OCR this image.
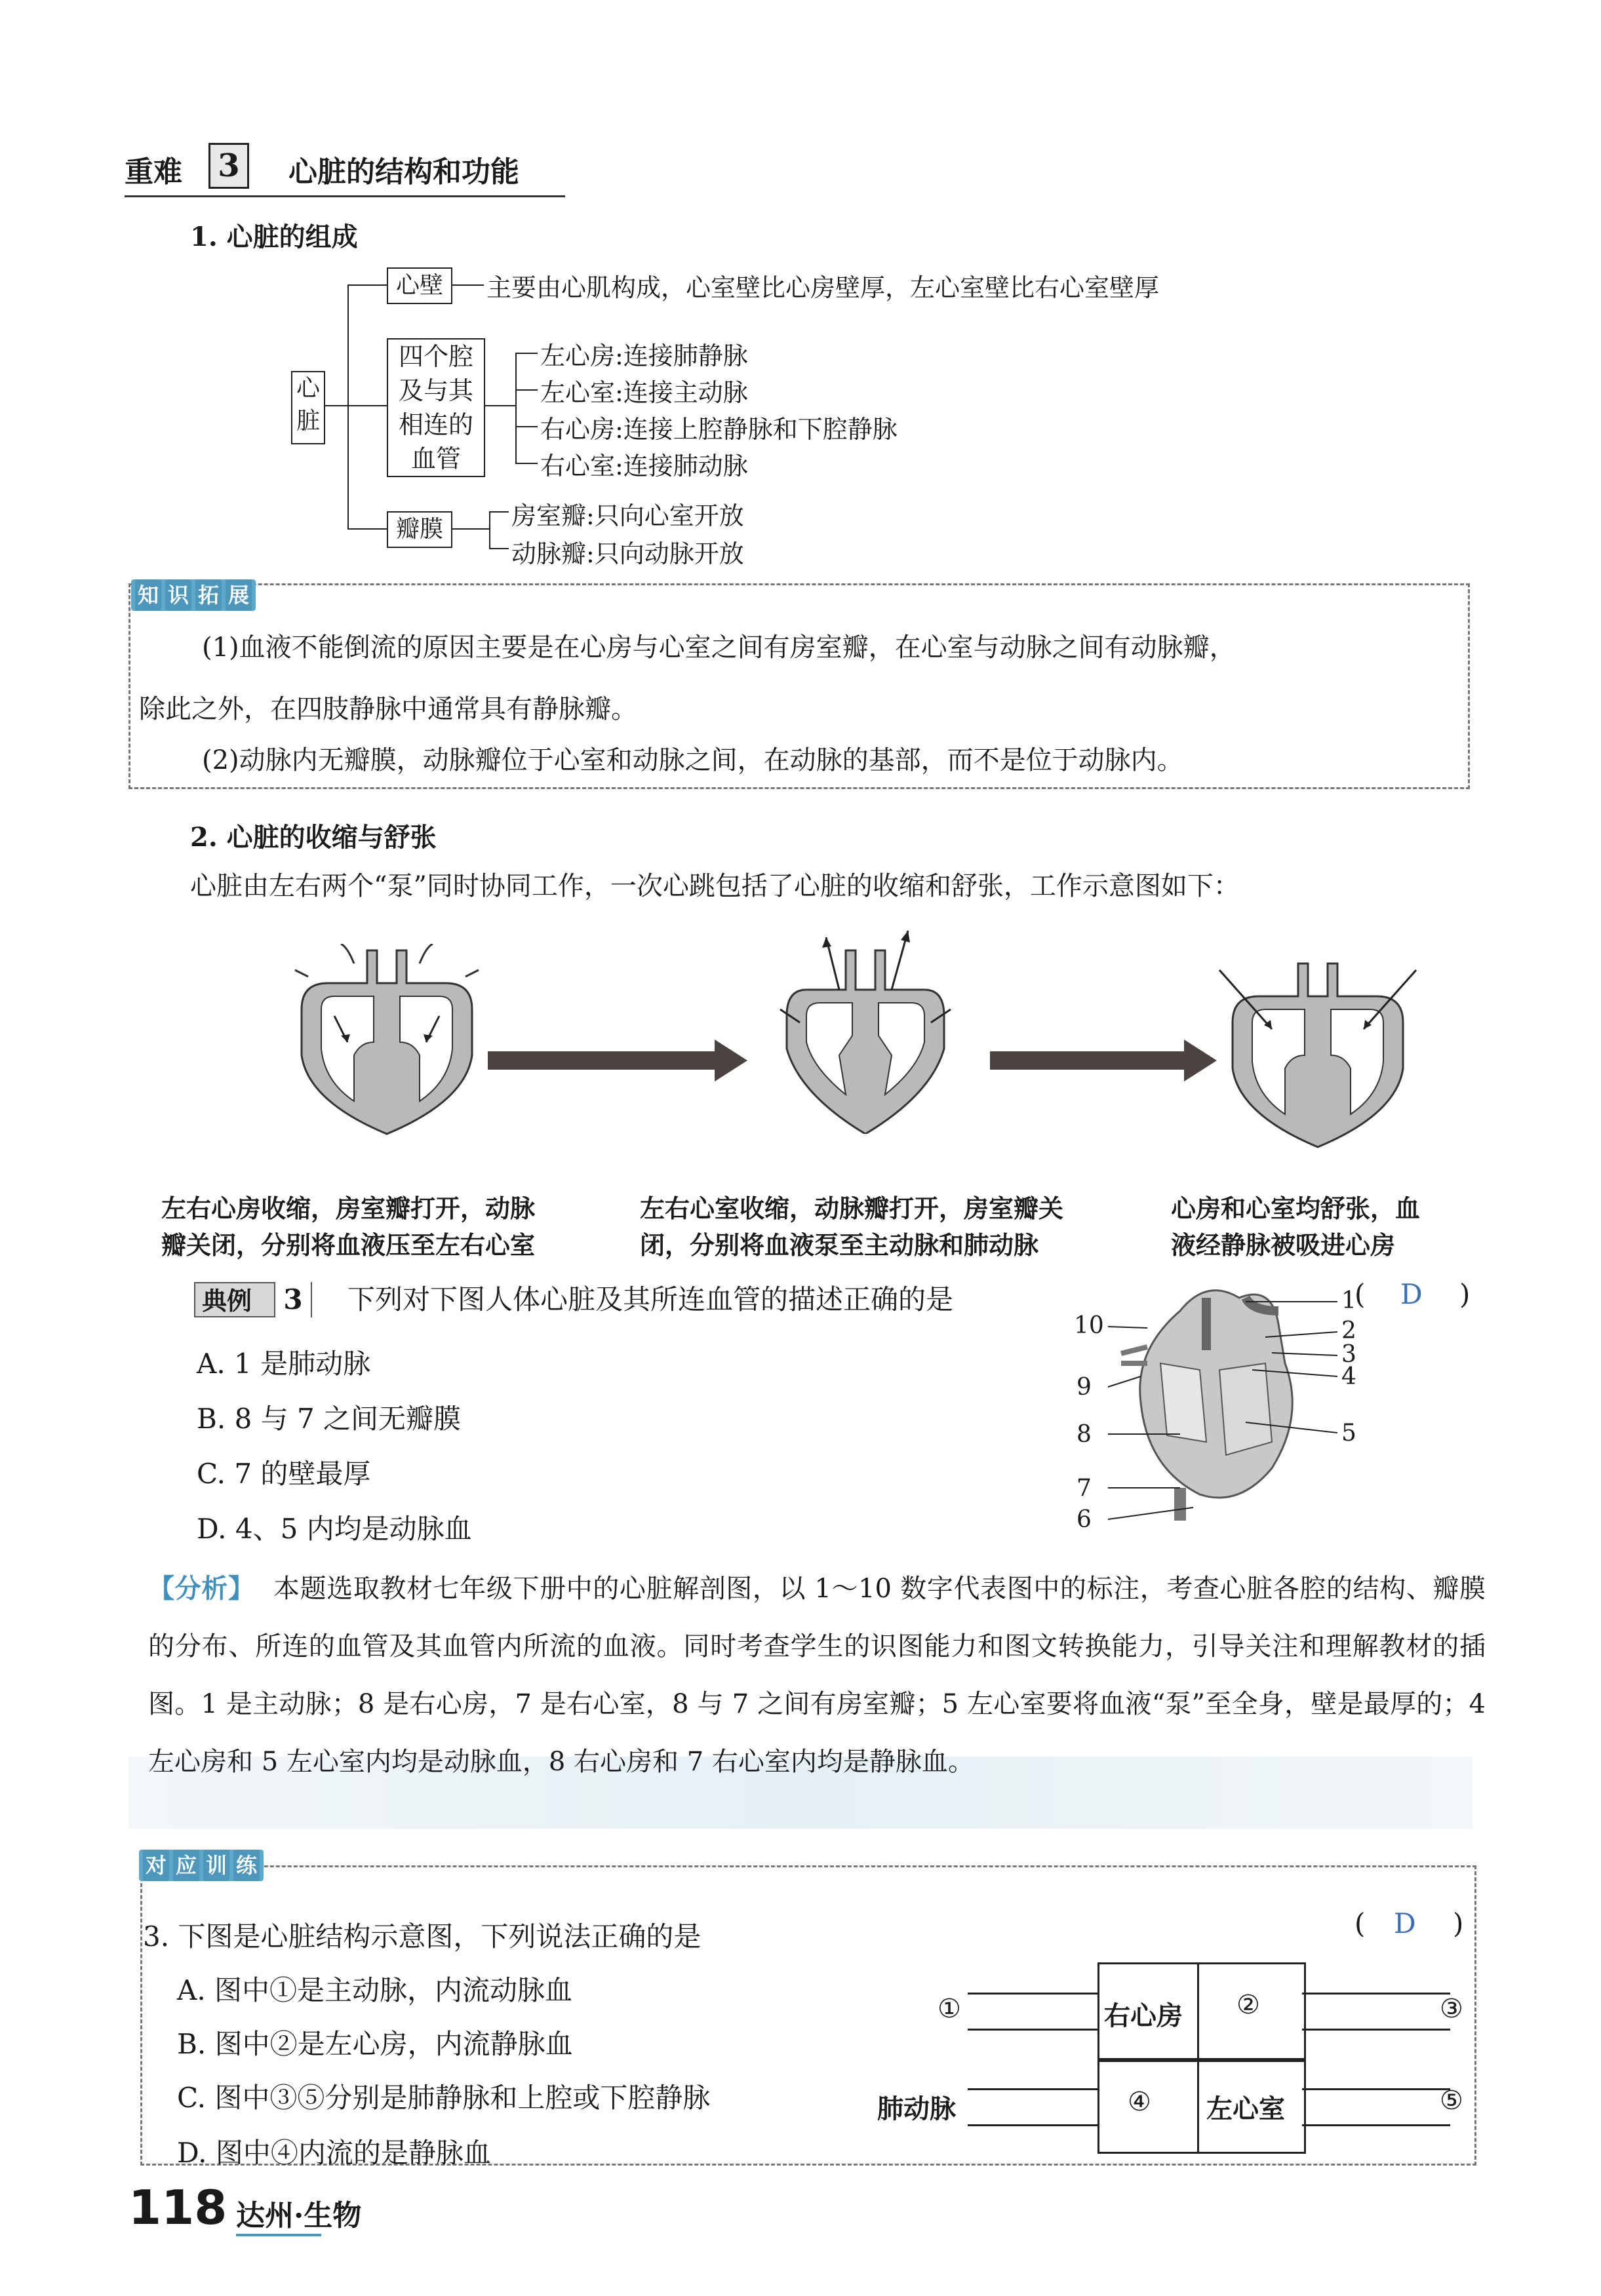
重难 3	心脏的结构和功能
1. 心脏的组成
心
脏
心壁	主要由心肌构成，心室壁比心房壁厚，左心室壁比右心室壁厚
四个腔
及与其
相连的
血管
左心房:连接肺静脉
左心室:连接主动脉
右心房:连接上腔静脉和下腔静脉
右心室:连接肺动脉
瓣膜	房室瓣:只向心室开放
动脉瓣:只向动脉开放
知 识 拓 展
(1)血液不能倒流的原因主要是在心房与心室之间有房室瓣，在心室与动脉之间有动脉瓣，
除此之外，在四肢静脉中通常具有静脉瓣。
(2)动脉内无瓣膜，动脉瓣位于心室和动脉之间，在动脉的基部，而不是位于动脉内。
2. 心脏的收缩与舒张
心脏由左右两个“泵”同时协同工作，一次心跳包括了心脏的收缩和舒张，工作示意图如下：
左右心房收缩，房室瓣打开，动脉
瓣关闭，分别将血液压至左右心室
左右心室收缩，动脉瓣打开，房室瓣关
闭，分别将血液泵至主动脉和肺动脉
心房和心室均舒张，血
液经静脉被吸进心房
典例	3 下列对下图人体心脏及其所连血管的描述正确的是	( D )
A. 1 是肺动脉
B. 8 与 7 之间无瓣膜
C. 7 的壁最厚
D. 4、5 内均是动脉血
1
2
3
4
5
6
7
8
9
10
【分析】 本题选取教材七年级下册中的心脏解剖图，以 1～10 数字代表图中的标注，考查心脏各腔的结构、瓣膜的分布、所连的血管及其血管内所流的血液。同时考查学生的识图能力和图文转换能力，引导关注和理解教材的插图。1 是主动脉；8 是右心房，7 是右心室，8 与 7 之间有房室瓣；5 左心室要将血液“泵”至全身，壁是最厚的；4 左心房和 5 左心室内均是动脉血，8 右心房和 7 右心室内均是静脉血。
对 应 训 练
3. 下图是心脏结构示意图，下列说法正确的是	( D )
A. 图中①是主动脉，内流动脉血
B. 图中②是左心房，内流静脉血
C. 图中③⑤分别是肺静脉和上腔或下腔静脉
D. 图中④内流的是静脉血
右心房
左心室
肺动脉
①	②	③
④	⑤
118 达州·生物
